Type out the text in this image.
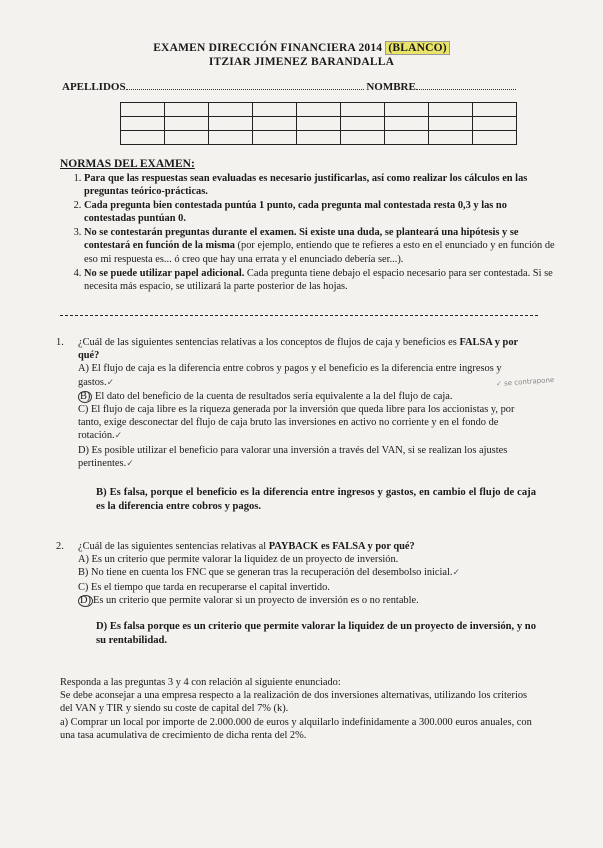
EXAMEN DIRECCIÓN FINANCIERA 2014 (BLANCO)
ITZIAR JIMENEZ BARANDALLA
APELLIDOS	NOMBRE

NORMAS DEL EXAMEN:
1. Para que las respuestas sean evaluadas es necesario justificarlas, así como realizar los cálculos en las preguntas teórico-prácticas.
2. Cada pregunta bien contestada puntúa 1 punto, cada pregunta mal contestada resta 0,3 y las no contestadas puntúan 0.
3. No se contestarán preguntas durante el examen. Si existe una duda, se planteará una hipótesis y se contestará en función de la misma (por ejemplo, entiendo que te refieres a esto en el enunciado y en función de eso mi respuesta es... ó creo que hay una errata y el enunciado debería ser...).
4. No se puede utilizar papel adicional. Cada pregunta tiene debajo el espacio necesario para ser contestada. Si se necesita más espacio, se utilizará la parte posterior de las hojas.
1. ¿Cuál de las siguientes sentencias relativas a los conceptos de flujos de caja y beneficios es FALSA y por qué?
A) El flujo de caja es la diferencia entre cobros y pagos y el beneficio es la diferencia entre ingresos y gastos.✓
B) El dato del beneficio de la cuenta de resultados sería equivalente a la del flujo de caja.
C) El flujo de caja libre es la riqueza generada por la inversión que queda libre para los accionistas y, por tanto, exige desconectar del flujo de caja bruto las inversiones en activo no corriente y en el fondo de rotación.✓
D) Es posible utilizar el beneficio para valorar una inversión a través del VAN, si se realizan los ajustes pertinentes.✓
✓ se contrapone
B) Es falsa, porque el beneficio es la diferencia entre ingresos y gastos, en cambio el flujo de caja es la diferencia entre cobros y pagos.
2. ¿Cuál de las siguientes sentencias relativas al PAYBACK es FALSA y por qué?
A) Es un criterio que permite valorar la liquidez de un proyecto de inversión.
B) No tiene en cuenta los FNC que se generan tras la recuperación del desembolso inicial.✓
C) Es el tiempo que tarda en recuperarse el capital invertido.
D) Es un criterio que permite valorar si un proyecto de inversión es o no rentable.
D) Es falsa porque es un criterio que permite valorar la liquidez de un proyecto de inversión, y no su rentabilidad.
Responda a las preguntas 3 y 4 con relación al siguiente enunciado:
Se debe aconsejar a una empresa respecto a la realización de dos inversiones alternativas, utilizando los criterios del VAN y TIR y siendo su coste de capital del 7% (k).
a) Comprar un local por importe de 2.000.000 de euros y alquilarlo indefinidamente a 300.000 euros anuales, con una tasa acumulativa de crecimiento de dicha renta del 2%.
